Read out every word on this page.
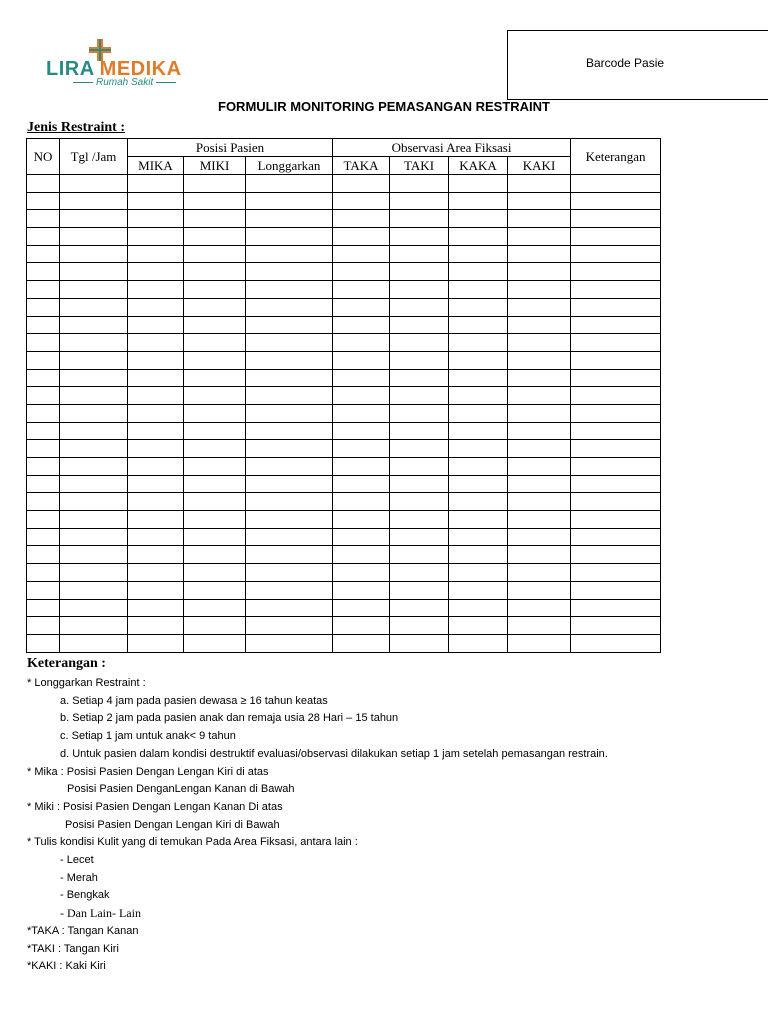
LIRA MEDIKA
Rumah Sakit
Barcode Pasie
FORMULIR MONITORING PEMASANGAN RESTRAINT
Jenis Restraint :
NO	Tgl /Jam	Posisi Pasien			Observasi Area Fiksasi				Keterangan
		MIKA	MIKI	Longgarkan	TAKA	TAKI	KAKA	KAKI	

Keterangan :
* Longgarkan Restraint :
a. Setiap 4 jam pada pasien dewasa ≥ 16 tahun keatas
b. Setiap 2 jam pada pasien anak dan remaja usia 28 Hari – 15 tahun
c. Setiap 1 jam untuk anak< 9 tahun
d. Untuk pasien dalam kondisi destruktif evaluasi/observasi dilakukan setiap 1 jam setelah pemasangan restrain.
* Mika : Posisi Pasien Dengan Lengan Kiri di atas
Posisi Pasien DenganLengan Kanan di Bawah
* Miki : Posisi Pasien Dengan Lengan Kanan Di atas
Posisi Pasien Dengan Lengan Kiri di Bawah
* Tulis kondisi Kulit yang di temukan Pada Area Fiksasi, antara lain :
- Lecet
- Merah
- Bengkak
- Dan Lain- Lain
*TAKA : Tangan Kanan
*TAKI : Tangan Kiri
*KAKI : Kaki Kiri
